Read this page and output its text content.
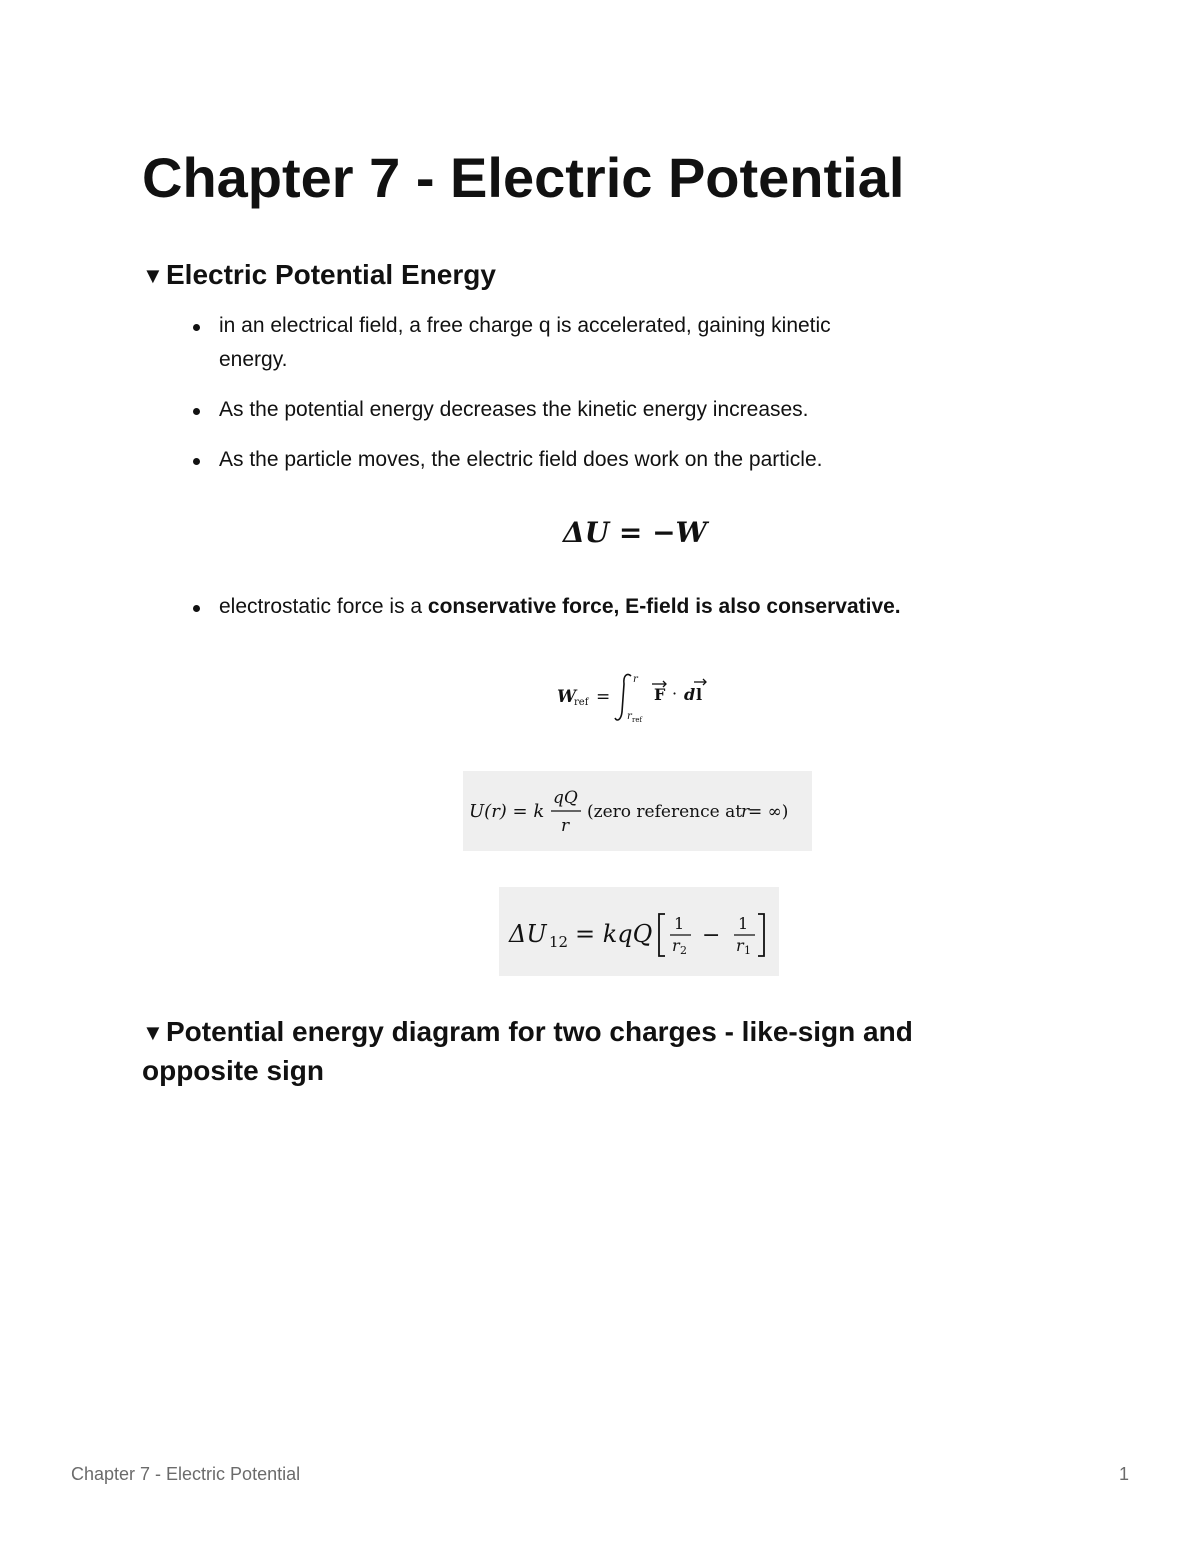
Chapter 7 - Electric Potential
▼Electric Potential Energy
in an electrical field, a free charge q is accelerated, gaining kinetic energy.
As the potential energy decreases the kinetic energy increases.
As the particle moves, the electric field does work on the particle.
ΔU = −W
electrostatic force is a conservative force, E-field is also conservative.
W
ref =
r
r ref
F · d l
U(r) = k
qQ
r
(zero reference at
r
= ∞)
ΔU 12 = kqQ 1
r 2
− 1
r 1
▼Potential energy diagram for two charges - like-sign and opposite sign
Chapter 7 - Electric Potential	1
